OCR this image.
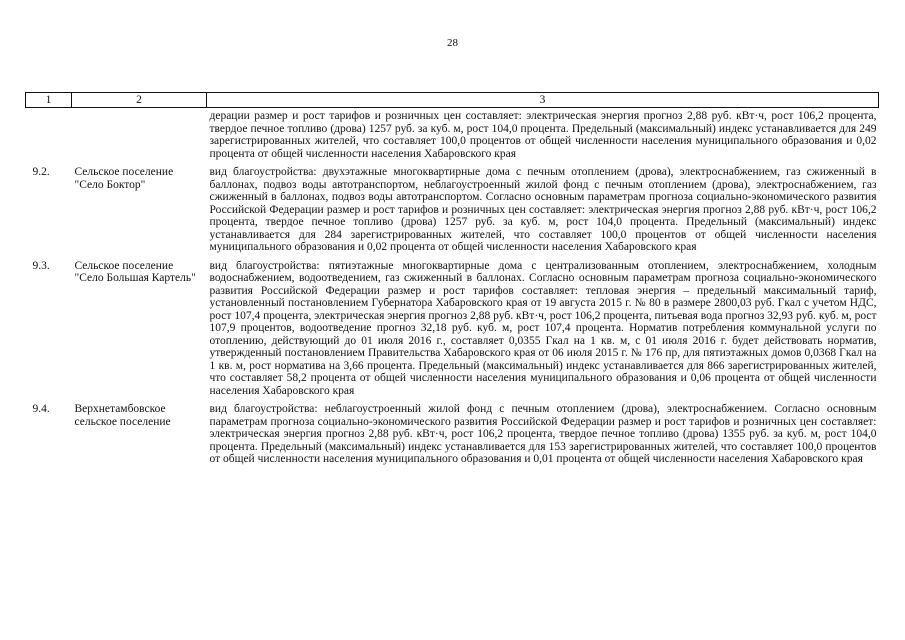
28
1	2	3
		дерации размер и рост тарифов и розничных цен составляет: электрическая энергия прогноз 2,88 руб. кВт·ч, рост 106,2 процента, твердое печное топливо (дрова) 1257 руб. за куб. м, рост 104,0 процента. Предельный (максимальный) индекс устанавливается для 249 зарегистрированных жителей, что составляет 100,0 процентов от общей численности населения муниципального образования и 0,02 процента от общей численности населения Хабаровского края
9.2.	Сельское поселение "Село Боктор"	вид благоустройства: двухэтажные многоквартирные дома с печным отоплением (дрова), электроснабжением, газ сжиженный в баллонах, подвоз воды автотранспортом, неблагоустроенный жилой фонд с печным отоплением (дрова), электроснабжением, газ сжиженный в баллонах, подвоз воды автотранспортом. Согласно основным параметрам прогноза социально-экономического развития Российской Федерации размер и рост тарифов и розничных цен составляет: электрическая энергия прогноз 2,88 руб. кВт·ч, рост 106,2 процента, твердое печное топливо (дрова) 1257 руб. за куб. м, рост 104,0 процента. Предельный (максимальный) индекс устанавливается для 284 зарегистрированных жителей, что составляет 100,0 процентов от общей численности населения муниципального образования и 0,02 процента от общей численности населения Хабаровского края
9.3.	Сельское поселение "Село Большая Картель"	вид благоустройства: пятиэтажные многоквартирные дома с централизованным отоплением, электроснабжением, холодным водоснабжением, водоотведением, газ сжиженный в баллонах. Согласно основным параметрам прогноза социально-экономического развития Российской Федерации размер и рост тарифов составляет: тепловая энергия – предельный максимальный тариф, установленный постановлением Губернатора Хабаровского края от 19 августа 2015 г. № 80 в размере 2800,03 руб. Гкал с учетом НДС, рост 107,4 процента, электрическая энергия прогноз 2,88 руб. кВт·ч, рост 106,2 процента, питьевая вода прогноз 32,93 руб. куб. м, рост 107,9 процентов, водоотведение прогноз 32,18 руб. куб. м, рост 107,4 процента. Норматив потребления коммунальной услуги по отоплению, действующий до 01 июля 2016 г., составляет 0,0355 Гкал на 1 кв. м, с 01 июля 2016 г. будет действовать норматив, утвержденный постановлением Правительства Хабаровского края от 06 июля 2015 г. № 176 пр, для пятиэтажных домов 0,0368 Гкал на 1 кв. м, рост норматива на 3,66 процента. Предельный (максимальный) индекс устанавливается для 866 зарегистрированных жителей, что составляет 58,2 процента от общей численности населения муниципального образования и 0,06 процента от общей численности населения Хабаровского края
9.4.	Верхнетамбовское сельское поселение	вид благоустройства: неблагоустроенный жилой фонд с печным отоплением (дрова), электроснабжением. Согласно основным параметрам прогноза социально-экономического развития Российской Федерации размер и рост тарифов и розничных цен составляет: электрическая энергия прогноз 2,88 руб. кВт·ч, рост 106,2 процента, твердое печное топливо (дрова) 1355 руб. за куб. м, рост 104,0 процента. Предельный (максимальный) индекс устанавливается для 153 зарегистрированных жителей, что составляет 100,0 процентов от общей численности населения муниципального образования и 0,01 процента от общей численности населения Хабаровского края
